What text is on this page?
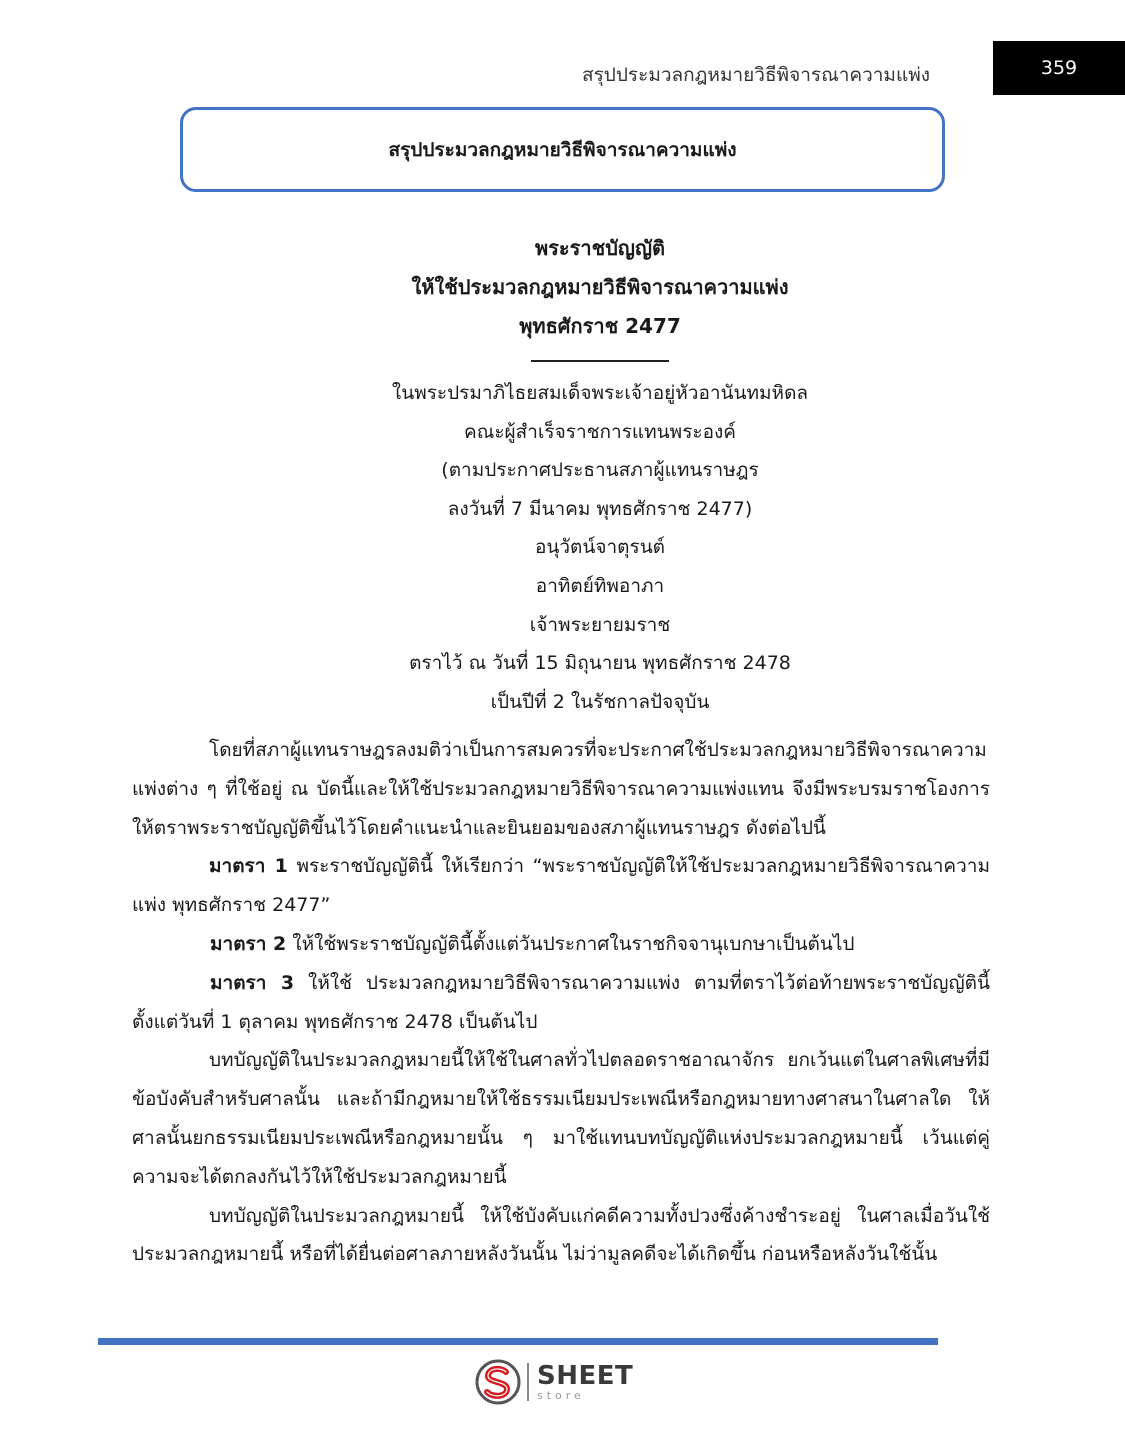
สรุปประมวลกฎหมายวิธีพิจารณาความแพ่ง	359
สรุปประมวลกฎหมายวิธีพิจารณาความแพ่ง
พระราชบัญญัติ
ให้ใช้ประมวลกฎหมายวิธีพิจารณาความแพ่ง
พุทธศักราช 2477
ในพระปรมาภิไธยสมเด็จพระเจ้าอยู่หัวอานันทมหิดล
คณะผู้สำเร็จราชการแทนพระองค์
(ตามประกาศประธานสภาผู้แทนราษฎร
ลงวันที่ 7 มีนาคม พุทธศักราช 2477)
อนุวัตน์จาตุรนต์
อาทิตย์ทิพอาภา
เจ้าพระยายมราช
ตราไว้ ณ วันที่ 15 มิถุนายน พุทธศักราช 2478
เป็นปีที่ 2 ในรัชกาลปัจจุบัน

โดยที่สภาผู้แทนราษฎรลงมติว่าเป็นการสมควรที่จะประกาศใช้ประมวลกฎหมายวิธีพิจารณาความแพ่งต่าง ๆ ที่ใช้อยู่ ณ บัดนี้และให้ใช้ประมวลกฎหมายวิธีพิจารณาความแพ่งแทน จึงมีพระบรมราชโองการให้ตราพระราชบัญญัติขึ้นไว้โดยคำแนะนำและยินยอมของสภาผู้แทนราษฎร ดังต่อไปนี้

มาตรา 1 พระราชบัญญัตินี้ ให้เรียกว่า “พระราชบัญญัติให้ใช้ประมวลกฎหมายวิธีพิจารณาความแพ่ง พุทธศักราช 2477”

มาตรา 2 ให้ใช้พระราชบัญญัตินี้ตั้งแต่วันประกาศในราชกิจจานุเบกษาเป็นต้นไป

มาตรา 3 ให้ใช้ ประมวลกฎหมายวิธีพิจารณาความแพ่ง ตามที่ตราไว้ต่อท้ายพระราชบัญญัตินี้ ตั้งแต่วันที่ 1 ตุลาคม พุทธศักราช 2478 เป็นต้นไป

บทบัญญัติในประมวลกฎหมายนี้ให้ใช้ในศาลทั่วไปตลอดราชอาณาจักร ยกเว้นแต่ในศาลพิเศษที่มีข้อบังคับสำหรับศาลนั้น และถ้ามีกฎหมายให้ใช้ธรรมเนียมประเพณีหรือกฎหมายทางศาสนาในศาลใด ให้ศาลนั้นยกธรรมเนียมประเพณีหรือกฎหมายนั้น ๆ มาใช้แทนบทบัญญัติแห่งประมวลกฎหมายนี้ เว้นแต่คู่ความจะได้ตกลงกันไว้ให้ใช้ประมวลกฎหมายนี้

บทบัญญัติในประมวลกฎหมายนี้ ให้ใช้บังคับแก่คดีความทั้งปวงซึ่งค้างชำระอยู่ ในศาลเมื่อวันใช้ประมวลกฎหมายนี้ หรือที่ได้ยื่นต่อศาลภายหลังวันนั้น ไม่ว่ามูลคดีจะได้เกิดขึ้น ก่อนหรือหลังวันใช้นั้น

SHEET
store
